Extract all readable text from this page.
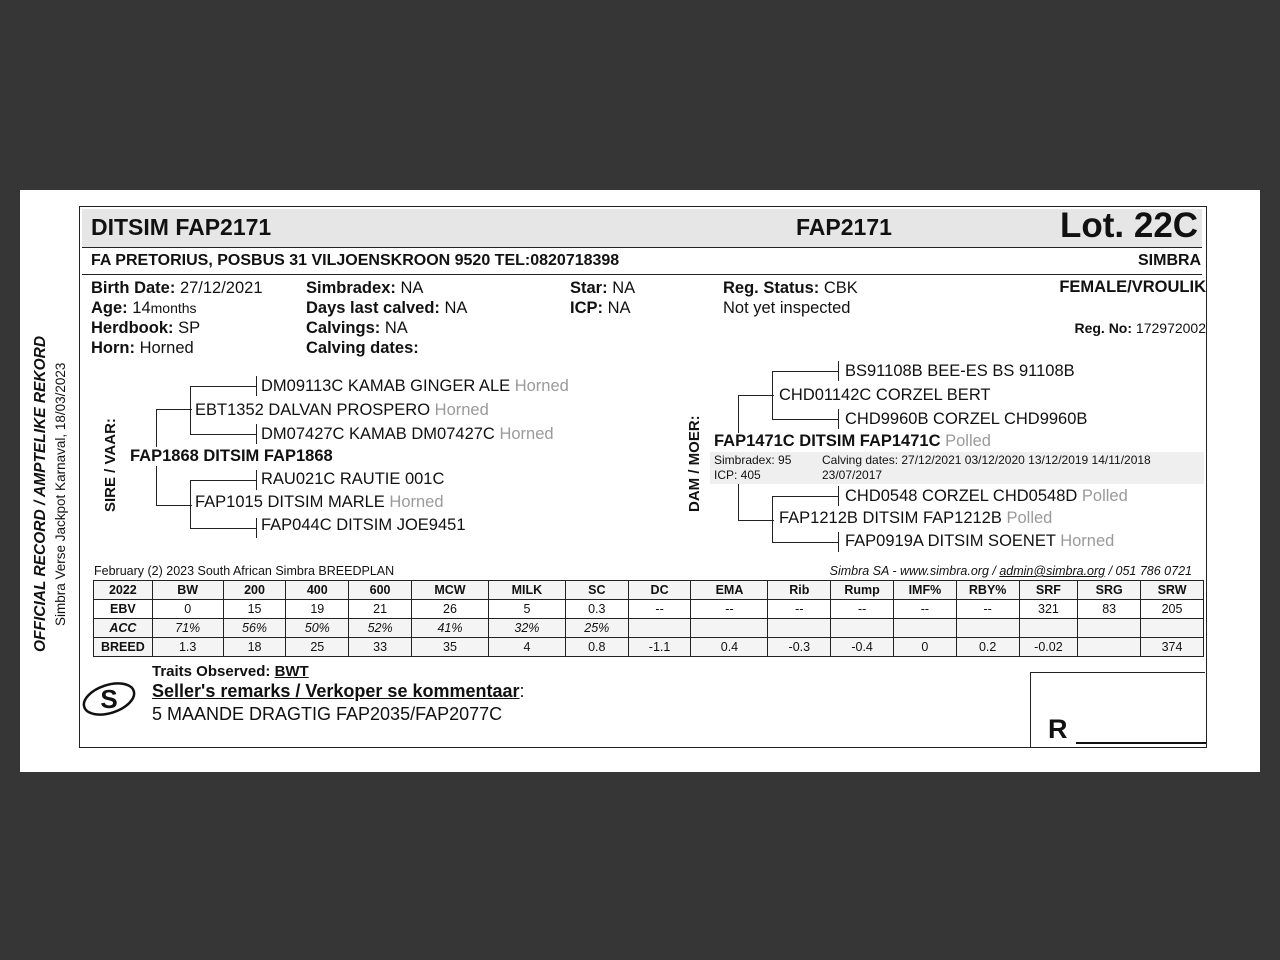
OFFICIAL RECORD / AMPTELIKE REKORD Simbra Verse Jackpot Karnaval, 18/03/2023
DITSIM FAP2171	FAP2171	Lot. 22C
FA PRETORIUS, POSBUS 31 VILJOENSKROON 9520 TEL:0820718398	SIMBRA
Birth Date: 27/12/2021
Age: 14months
Herdbook: SP
Horn: Horned
Simbradex: NA
Days last calved: NA
Calvings: NA
Calving dates:
Star: NA
ICP: NA
Reg. Status: CBK
Not yet inspected
FEMALE/VROULIK
Reg. No: 172972002
SIRE / VAAR:
DM09113C KAMAB GINGER ALE Horned
EBT1352 DALVAN PROSPERO Horned
DM07427C KAMAB DM07427C Horned
FAP1868 DITSIM FAP1868
RAU021C RAUTIE 001C
FAP1015 DITSIM MARLE Horned
FAP044C DITSIM JOE9451
DAM / MOER:
BS91108B BEE-ES BS 91108B
CHD01142C CORZEL BERT
CHD9960B CORZEL CHD9960B
FAP1471C DITSIM FAP1471C Polled
Simbradex: 95
ICP: 405
Calving dates: 27/12/2021 03/12/2020 13/12/2019 14/11/2018
23/07/2017
CHD0548 CORZEL CHD0548D Polled
FAP1212B DITSIM FAP1212B Polled
FAP0919A DITSIM SOENET Horned
February (2) 2023 South African Simbra BREEDPLAN	Simbra SA - www.simbra.org / admin@simbra.org / 051 786 0721
2022	BW	200	400	600	MCW	MILK	SC	DC	EMA	Rib	Rump	IMF%	RBY%	SRF	SRG	SRW
EBV	0	15	19	21	26	5	0.3	--	--	--	--	--	--	321	83	205
ACC	71%	56%	50%	52%	41%	32%	25%									
BREED	1.3	18	25	33	35	4	0.8	-1.1	0.4	-0.3	-0.4	0	0.2	-0.02		374
S
Traits Observed: BWT
Seller's remarks / Verkoper se kommentaar:
5 MAANDE DRAGTIG FAP2035/FAP2077C	R
